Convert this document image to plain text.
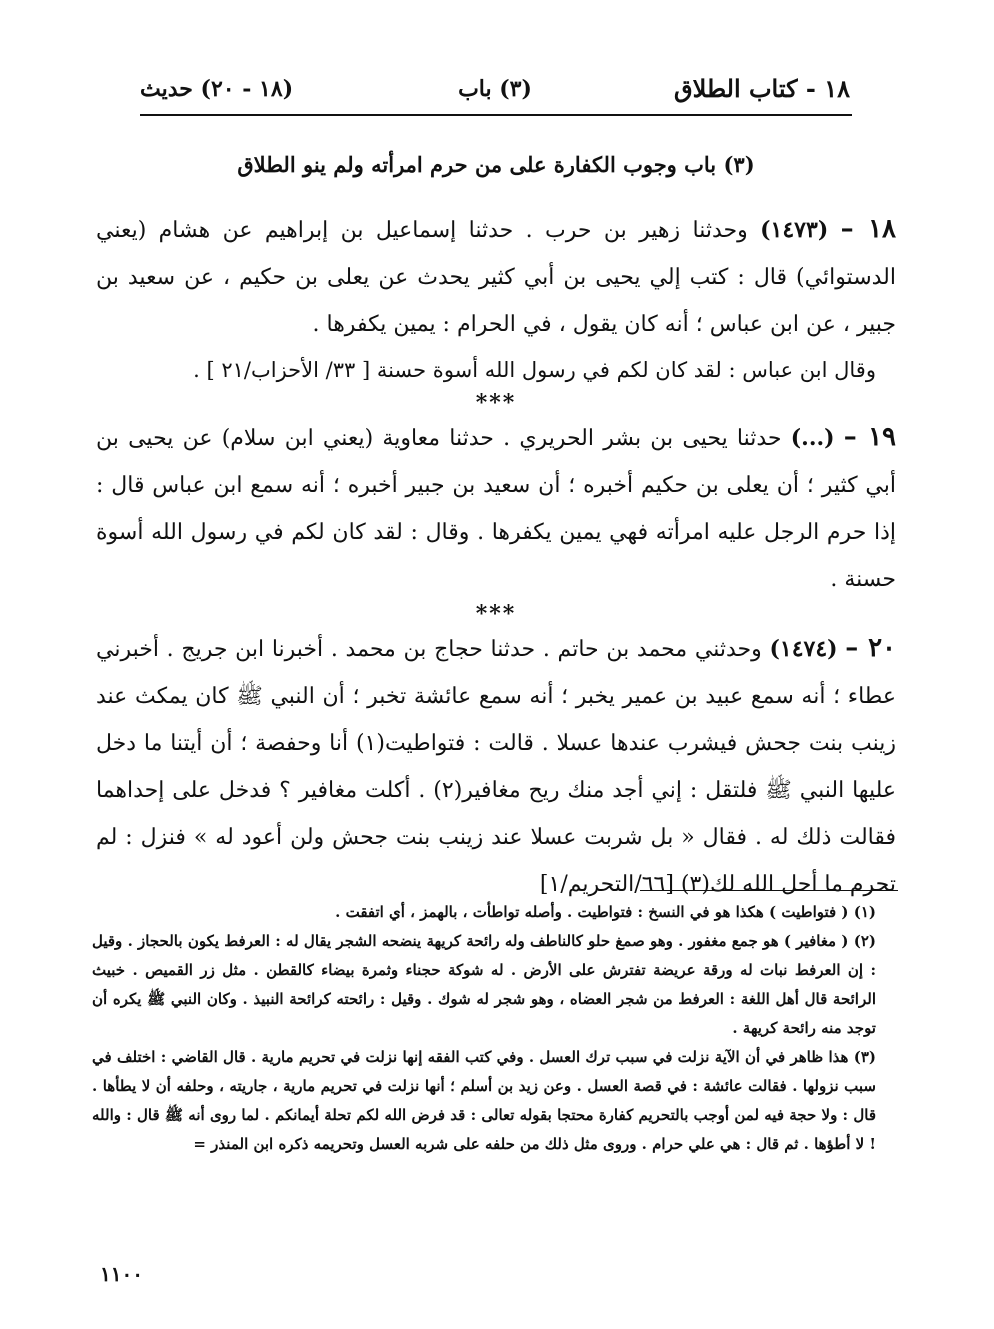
١٨ - كتاب الطلاق
(٣) باب
(١٨ - ٢٠) حديث
(٣) باب وجوب الكفارة على من حرم امرأته ولم ينو الطلاق

١٨ – (١٤٧٣) وحدثنا زهير بن حرب . حدثنا إسماعيل بن إبراهيم عن هشام (يعني الدستوائي) قال : كتب إلي يحيى بن أبي كثير يحدث عن يعلى بن حكيم ، عن سعيد بن جبير ، عن ابن عباس ؛ أنه كان يقول ، في الحرام : يمين يكفرها .

وقال ابن عباس : لقد كان لكم في رسول الله أسوة حسنة [ ٣٣/ الأحزاب/٢١ ] .

***

١٩ – (...) حدثنا يحيى بن بشر الحريري . حدثنا معاوية (يعني ابن سلام) عن يحيى بن أبي كثير ؛ أن يعلى بن حكيم أخبره ؛ أن سعيد بن جبير أخبره ؛ أنه سمع ابن عباس قال : إذا حرم الرجل عليه امرأته فهي يمين يكفرها . وقال : لقد كان لكم في رسول الله أسوة حسنة .

***

٢٠ – (١٤٧٤) وحدثني محمد بن حاتم . حدثنا حجاج بن محمد . أخبرنا ابن جريج . أخبرني عطاء ؛ أنه سمع عبيد بن عمير يخبر ؛ أنه سمع عائشة تخبر ؛ أن النبي ﷺ كان يمكث عند زينب بنت جحش فيشرب عندها عسلا . قالت : فتواطيت(١) أنا وحفصة ؛ أن أيتنا ما دخل عليها النبي ﷺ فلتقل : إني أجد منك ريح مغافير(٢) . أكلت مغافير ؟ فدخل على إحداهما فقالت ذلك له . فقال « بل شربت عسلا عند زينب بنت جحش ولن أعود له » فنزل : لم تحرم ما أحل الله لك(٣) [٦٦/التحريم/١]

(١) ( فتواطيت ) هكذا هو في النسخ : فتواطيت . وأصله تواطأت ، بالهمز ، أي اتفقت .

(٢) ( مغافير ) هو جمع مغفور . وهو صمغ حلو كالناطف وله رائحة كريهة ينضحه الشجر يقال له : العرفط يكون بالحجاز . وقيل : إن العرفط نبات له ورقة عريضة تفترش على الأرض . له شوكة حجناء وثمرة بيضاء كالقطن . مثل زر القميص . خبيث الرائحة قال أهل اللغة : العرفط من شجر العضاه ، وهو شجر له شوك . وقيل : رائحته كرائحة النبيذ . وكان النبي ﷺ يكره أن توجد منه رائحة كريهة .

(٣) هذا ظاهر في أن الآية نزلت في سبب ترك العسل . وفي كتب الفقه إنها نزلت في تحريم مارية . قال القاضي : اختلف في سبب نزولها . فقالت عائشة : في قصة العسل . وعن زيد بن أسلم ؛ أنها نزلت في تحريم مارية ، جاريته ، وحلفه أن لا يطأها . قال : ولا حجة فيه لمن أوجب بالتحريم كفارة محتجا بقوله تعالى : قد فرض الله لكم تحلة أيمانكم . لما روى أنه ﷺ قال : والله ! لا أطؤها . ثم قال : هي علي حرام . وروى مثل ذلك من حلفه على شربه العسل وتحريمه ذكره ابن المنذر =

١١٠٠
